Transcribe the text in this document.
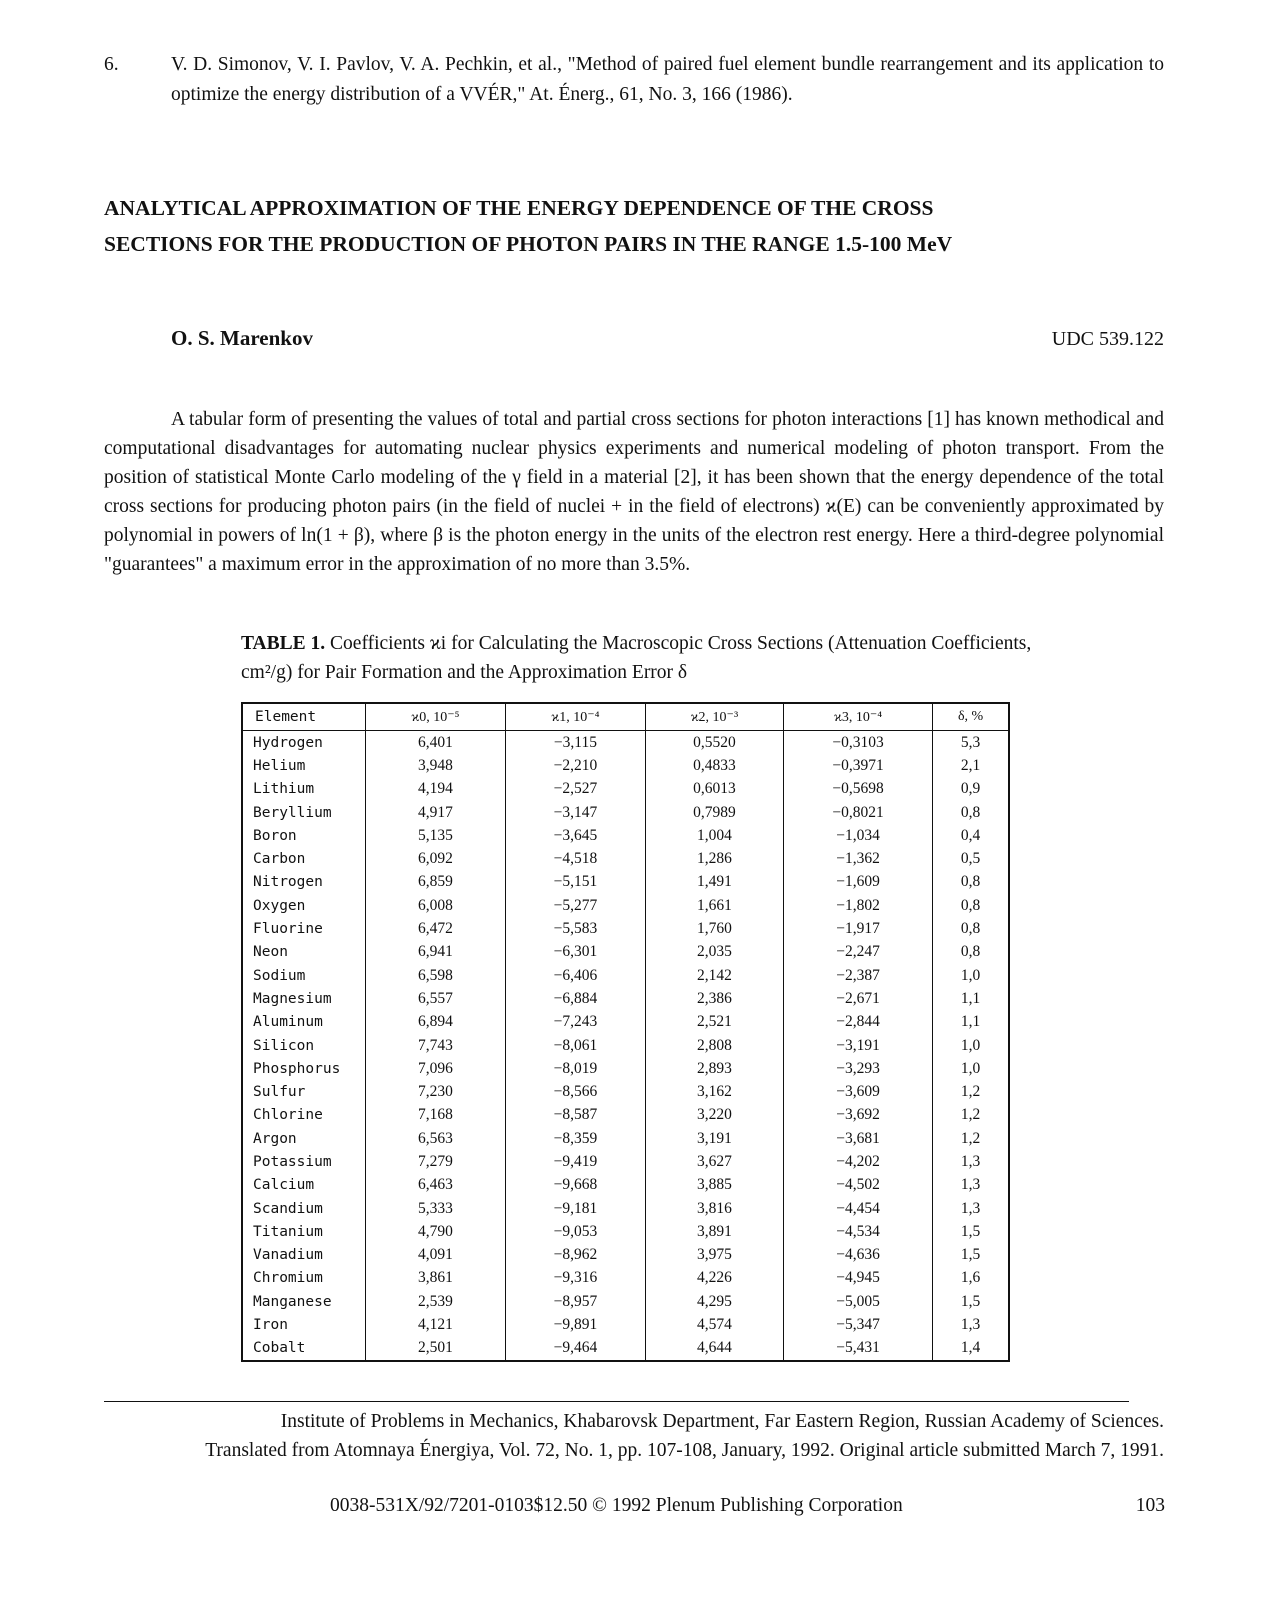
6.	V. D. Simonov, V. I. Pavlov, V. A. Pechkin, et al., "Method of paired fuel element bundle rearrangement and its application to optimize the energy distribution of a VVÉR," At. Énerg., 61, No. 3, 166 (1986).
ANALYTICAL APPROXIMATION OF THE ENERGY DEPENDENCE OF THE CROSS SECTIONS FOR THE PRODUCTION OF PHOTON PAIRS IN THE RANGE 1.5-100 MeV
O. S. Marenkov	UDC 539.122
A tabular form of presenting the values of total and partial cross sections for photon interactions [1] has known methodical and computational disadvantages for automating nuclear physics experiments and numerical modeling of photon transport. From the position of statistical Monte Carlo modeling of the γ field in a material [2], it has been shown that the energy dependence of the total cross sections for producing photon pairs (in the field of nuclei + in the field of electrons) ϰ(E) can be conveniently approximated by polynomial in powers of ln(1 + β), where β is the photon energy in the units of the electron rest energy. Here a third-degree polynomial "guarantees" a maximum error in the approximation of no more than 3.5%.
TABLE 1. Coefficients ϰi for Calculating the Macroscopic Cross Sections (Attenuation Coefficients, cm²/g) for Pair Formation and the Approximation Error δ
Element	ϰ0, 10⁻⁵	ϰ1, 10⁻⁴	ϰ2, 10⁻³	ϰ3, 10⁻⁴	δ, %
Hydrogen	6,401	−3,115	0,5520	−0,3103	5,3
Helium	3,948	−2,210	0,4833	−0,3971	2,1
Lithium	4,194	−2,527	0,6013	−0,5698	0,9
Beryllium	4,917	−3,147	0,7989	−0,8021	0,8
Boron	5,135	−3,645	1,004	−1,034	0,4
Carbon	6,092	−4,518	1,286	−1,362	0,5
Nitrogen	6,859	−5,151	1,491	−1,609	0,8
Oxygen	6,008	−5,277	1,661	−1,802	0,8
Fluorine	6,472	−5,583	1,760	−1,917	0,8
Neon	6,941	−6,301	2,035	−2,247	0,8
Sodium	6,598	−6,406	2,142	−2,387	1,0
Magnesium	6,557	−6,884	2,386	−2,671	1,1
Aluminum	6,894	−7,243	2,521	−2,844	1,1
Silicon	7,743	−8,061	2,808	−3,191	1,0
Phosphorus	7,096	−8,019	2,893	−3,293	1,0
Sulfur	7,230	−8,566	3,162	−3,609	1,2
Chlorine	7,168	−8,587	3,220	−3,692	1,2
Argon	6,563	−8,359	3,191	−3,681	1,2
Potassium	7,279	−9,419	3,627	−4,202	1,3
Calcium	6,463	−9,668	3,885	−4,502	1,3
Scandium	5,333	−9,181	3,816	−4,454	1,3
Titanium	4,790	−9,053	3,891	−4,534	1,5
Vanadium	4,091	−8,962	3,975	−4,636	1,5
Chromium	3,861	−9,316	4,226	−4,945	1,6
Manganese	2,539	−8,957	4,295	−5,005	1,5
Iron	4,121	−9,891	4,574	−5,347	1,3
Cobalt	2,501	−9,464	4,644	−5,431	1,4
Institute of Problems in Mechanics, Khabarovsk Department, Far Eastern Region, Russian Academy of Sciences.
Translated from Atomnaya Énergiya, Vol. 72, No. 1, pp. 107-108, January, 1992. Original article submitted March 7, 1991.
0038-531X/92/7201-0103$12.50 © 1992 Plenum Publishing Corporation	103
